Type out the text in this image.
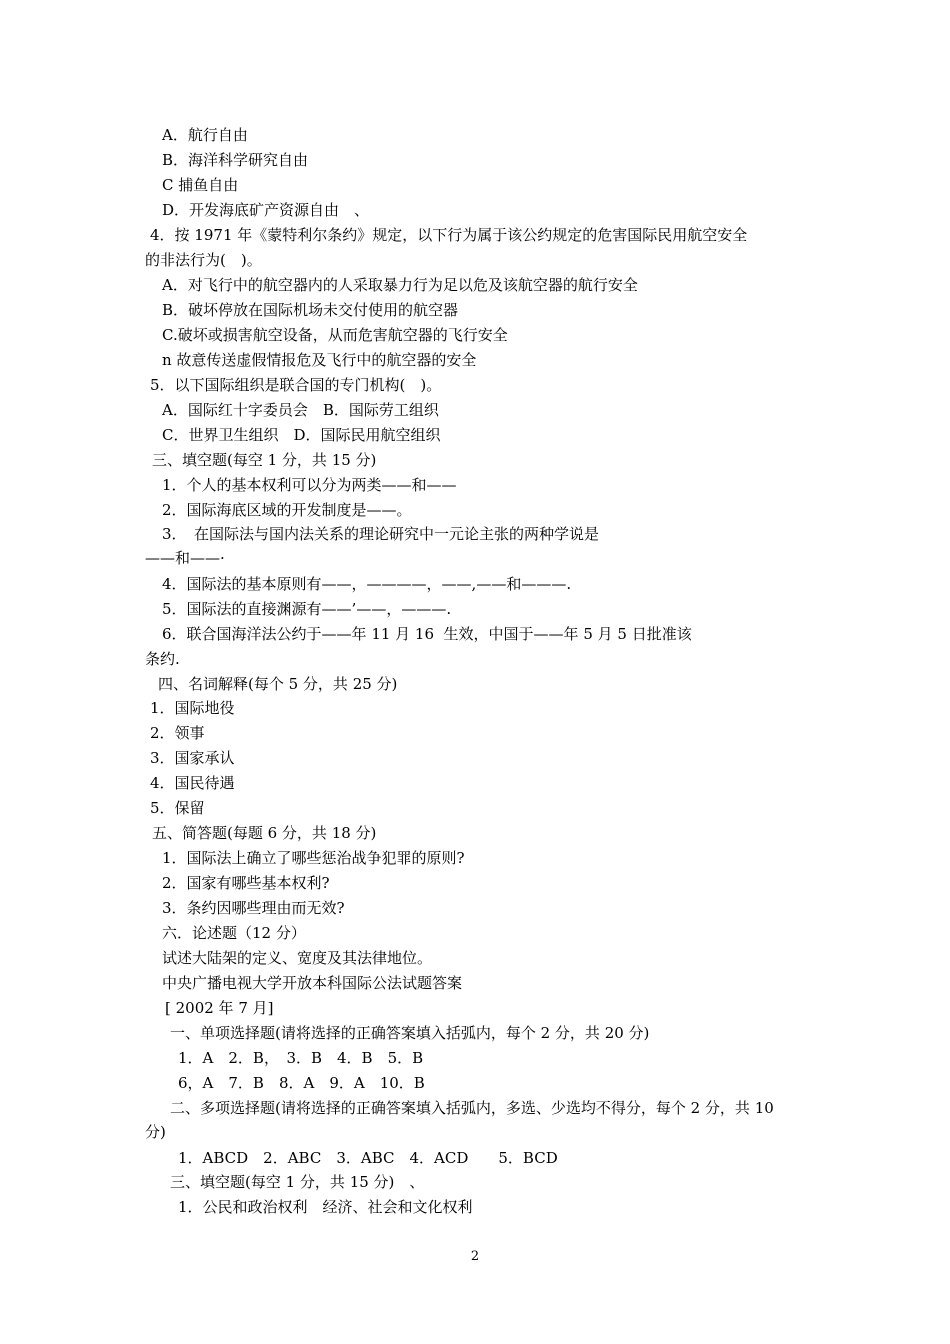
A．航行自由
B．海洋科学研究自由
C 捕鱼自由
D．开发海底矿产资源自由　、
4．按 1971 年《蒙特利尔条约》规定，以下行为属于该公约规定的危害国际民用航空安全
的非法行为(　)。
A．对飞行中的航空器内的人采取暴力行为足以危及该航空器的航行安全
B．破坏停放在国际机场未交付使用的航空器
C.破坏或损害航空设备，从而危害航空器的飞行安全
n 故意传送虚假情报危及飞行中的航空器的安全
5．以下国际组织是联合国的专门机构(　)。
A．国际红十字委员会　B．国际劳工组织
C．世界卫生组织　D．国际民用航空组织
三、填空题(每空 1 分，共 15 分)
1．个人的基本权利可以分为两类——和——
2．国际海底区域的开发制度是——。
3．　在国际法与国内法关系的理论研究中一元论主张的两种学说是
——和——·
4．国际法的基本原则有——，————，——,——和———.
5．国际法的直接渊源有——’——，———.
6．联合国海洋法公约于——年 11 月 16  生效，中国于——年 5 月 5 日批准该
条约.
四、名词解释(每个 5 分，共 25 分)
1．国际地役
2．领事
3．国家承认
4．国民待遇
5．保留
五、简答题(每题 6 分，共 18 分)
1．国际法上确立了哪些惩治战争犯罪的原则?
2．国家有哪些基本权利?
3．条约因哪些理由而无效?
六．论述题（12 分）
试述大陆架的定义、宽度及其法律地位。
中央广播电视大学开放本科国际公法试题答案
[ 2002 年 7 月]
一、单项选择题(请将选择的正确答案填入括弧内，每个 2 分，共 20 分)
1．A　2．B，　3．B　4．B　5．B
6，A　7．B　8．A　9．A　10．B
二、多项选择题(请将选择的正确答案填入括弧内，多选、少选均不得分，每个 2 分，共 10
分)
1．ABCD　2．ABC　3．ABC　4．ACD　　5．BCD
三、填空题(每空 1 分，共 15 分)　、
1．公民和政治权利　经济、社会和文化权利
2
